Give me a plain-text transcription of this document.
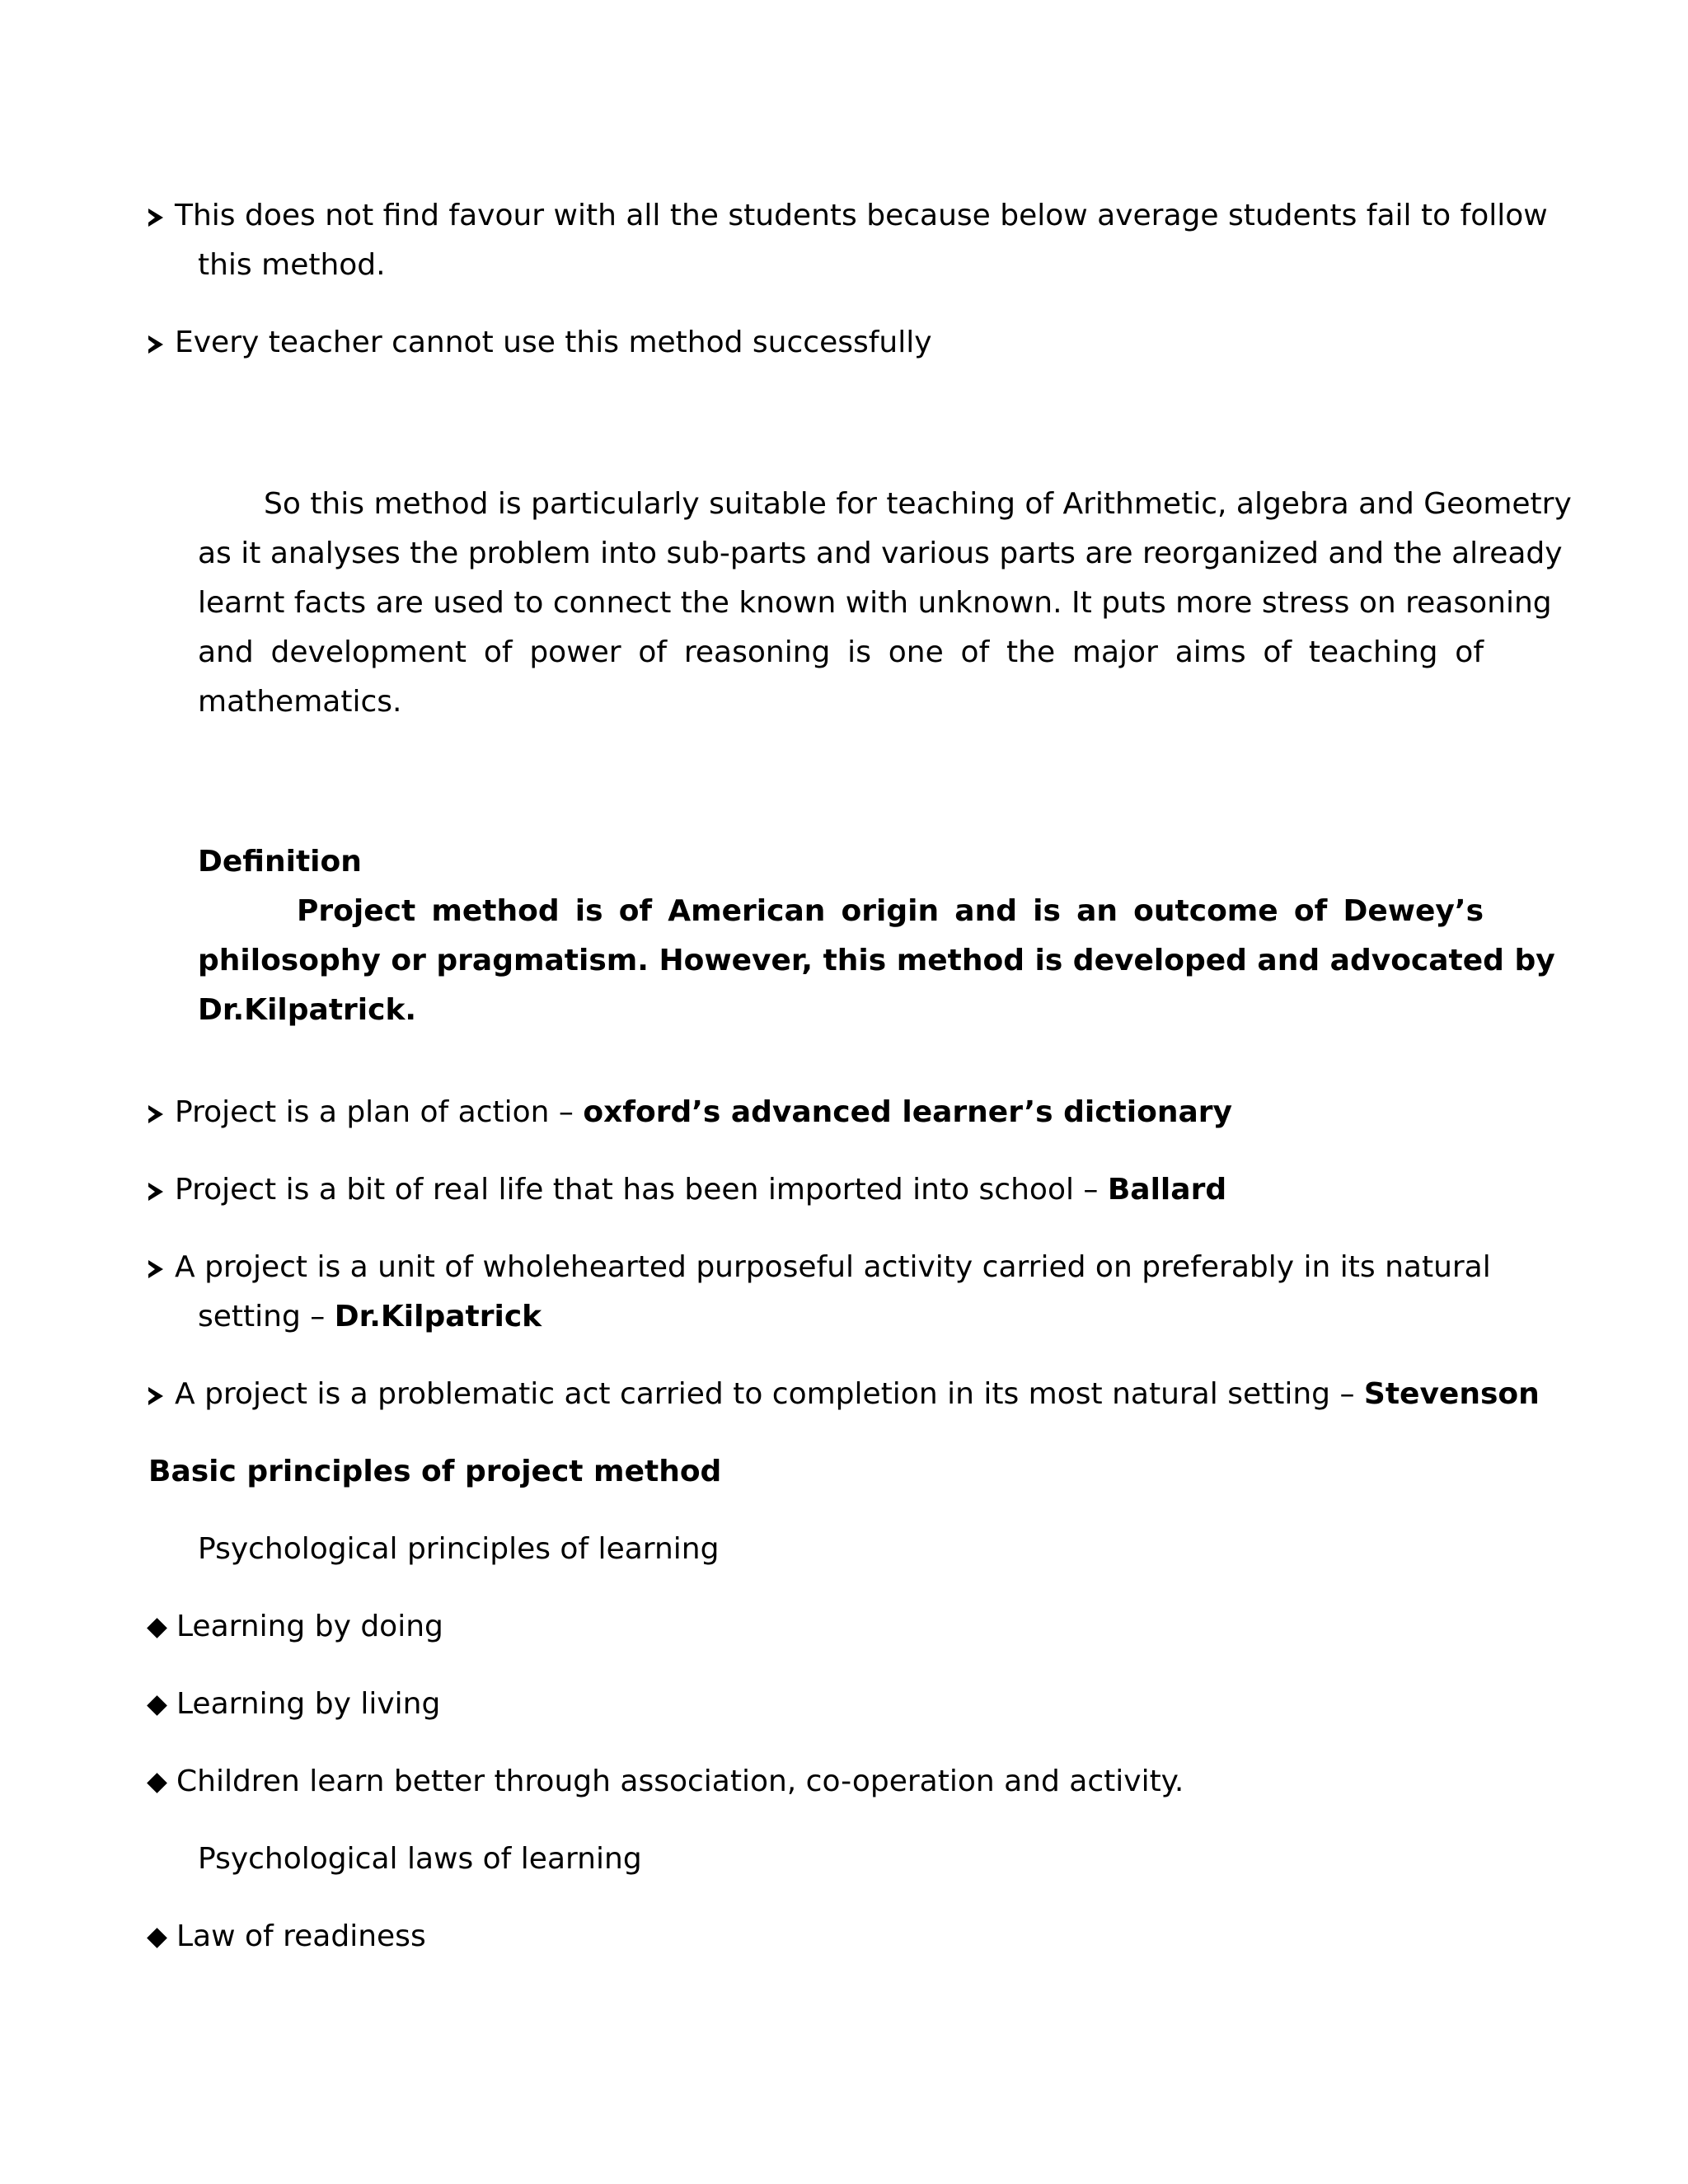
This does not find favour with all the students because below average students fail to follow
this method.
Every teacher cannot use this method successfully
So this method is particularly suitable for teaching of Arithmetic, algebra and Geometry
as it analyses the problem into sub-parts and various parts are reorganized and the already
learnt facts are used to connect the known with unknown. It puts more stress on reasoning
and development of power of reasoning is one of the major aims of teaching of
mathematics.
Definition
Project method is of American origin and is an outcome of Dewey’s
philosophy or pragmatism. However, this method is developed and advocated by
Dr.Kilpatrick.
Project is a plan of action – oxford’s advanced learner’s dictionary
Project is a bit of real life that has been imported into school – Ballard
A project is a unit of wholehearted purposeful activity carried on preferably in its natural
setting – Dr.Kilpatrick
A project is a problematic act carried to completion in its most natural setting – Stevenson
Basic principles of project method
Psychological principles of learning
Learning by doing
Learning by living
Children learn better through association, co-operation and activity.
Psychological laws of learning
Law of readiness
